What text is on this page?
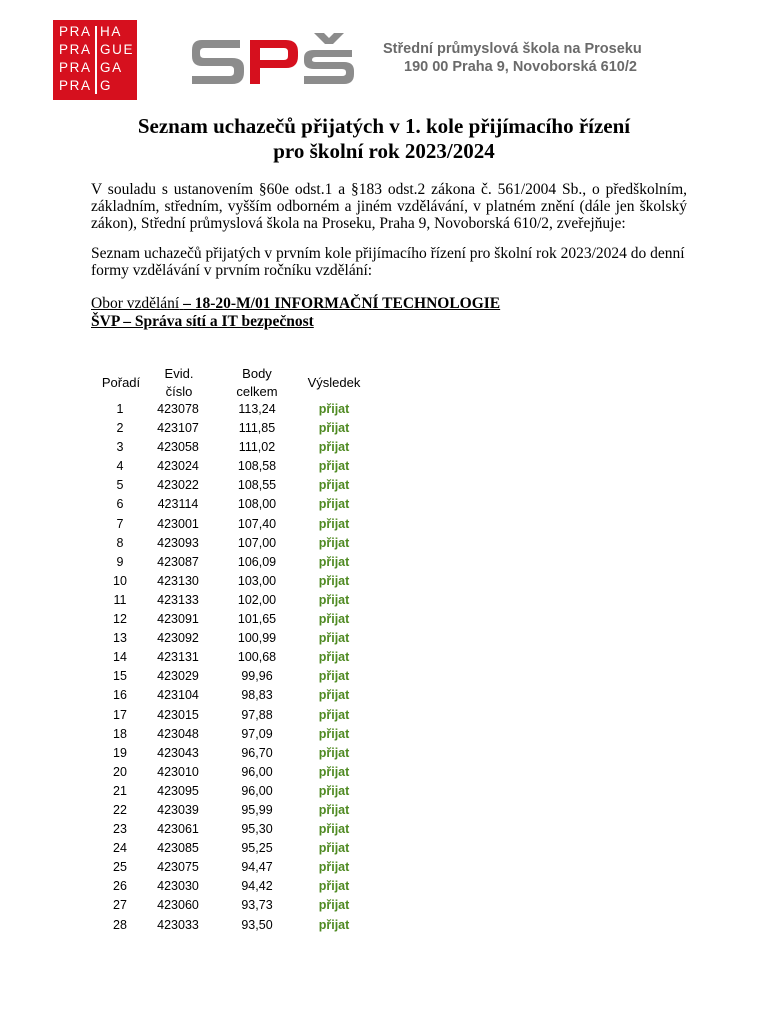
PRA
PRA
PRA
PRA
HA
GUE
GA
G
Střední průmyslová škola na Proseku
190 00 Praha 9, Novoborská 610/2
Seznam uchazečů přijatých v 1. kole přijímacího řízení
pro školní rok 2023/2024
V souladu s ustanovením §60e odst.1 a §183 odst.2 zákona č. 561/2004 Sb., o předškolním, základním, středním, vyšším odborném a jiném vzdělávání, v platném znění (dále jen školský zákon), Střední průmyslová škola na Proseku, Praha 9, Novoborská 610/2, zveřejňuje:
Seznam uchazečů přijatých v prvním kole přijímacího řízení pro školní rok 2023/2024 do denní formy vzdělávání v prvním ročníku vzdělání:
Obor vzdělání – 18-20-M/01 INFORMAČNÍ TECHNOLOGIE
ŠVP – Správa sítí a IT bezpečnost
Pořadí
Evid.
číslo
Body
celkem
Výsledek
1	423078	113,24	přijat
2	423107	111,85	přijat
3	423058	111,02	přijat
4	423024	108,58	přijat
5	423022	108,55	přijat
6	423114	108,00	přijat
7	423001	107,40	přijat
8	423093	107,00	přijat
9	423087	106,09	přijat
10	423130	103,00	přijat
11	423133	102,00	přijat
12	423091	101,65	přijat
13	423092	100,99	přijat
14	423131	100,68	přijat
15	423029	99,96	přijat
16	423104	98,83	přijat
17	423015	97,88	přijat
18	423048	97,09	přijat
19	423043	96,70	přijat
20	423010	96,00	přijat
21	423095	96,00	přijat
22	423039	95,99	přijat
23	423061	95,30	přijat
24	423085	95,25	přijat
25	423075	94,47	přijat
26	423030	94,42	přijat
27	423060	93,73	přijat
28	423033	93,50	přijat
